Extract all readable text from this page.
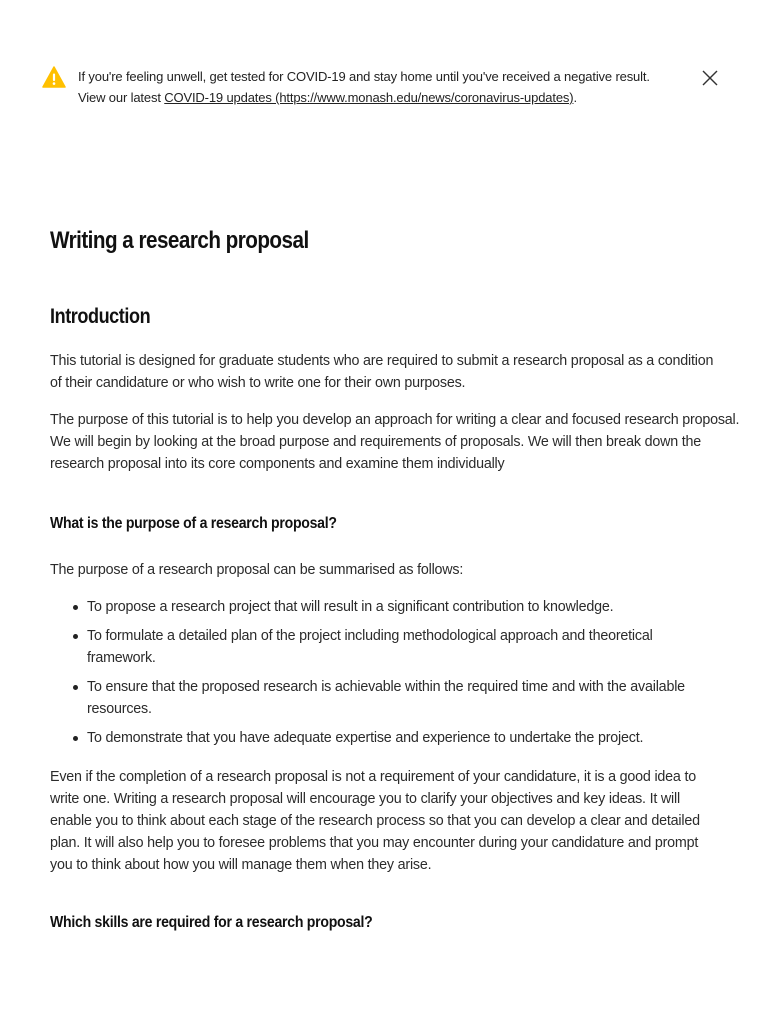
If you're feeling unwell, get tested for COVID-19 and stay home until you've received a negative result.
View our latest COVID-19 updates (https://www.monash.edu/news/coronavirus-updates).
Writing a research proposal
Introduction

This tutorial is designed for graduate students who are required to submit a research proposal as a condition of their candidature or who wish to write one for their own purposes.

The purpose of this tutorial is to help you develop an approach for writing a clear and focused research proposal. We will begin by looking at the broad purpose and requirements of proposals. We will then break down the research proposal into its core components and examine them individually

What is the purpose of a research proposal?

The purpose of a research proposal can be summarised as follows:

To propose a research project that will result in a significant contribution to knowledge.
To formulate a detailed plan of the project including methodological approach and theoretical framework.
To ensure that the proposed research is achievable within the required time and with the available resources.
To demonstrate that you have adequate expertise and experience to undertake the project.

Even if the completion of a research proposal is not a requirement of your candidature, it is a good idea to write one. Writing a research proposal will encourage you to clarify your objectives and key ideas. It will enable you to think about each stage of the research process so that you can develop a clear and detailed plan. It will also help you to foresee problems that you may encounter during your candidature and prompt you to think about how you will manage them when they arise.

Which skills are required for a research proposal?
